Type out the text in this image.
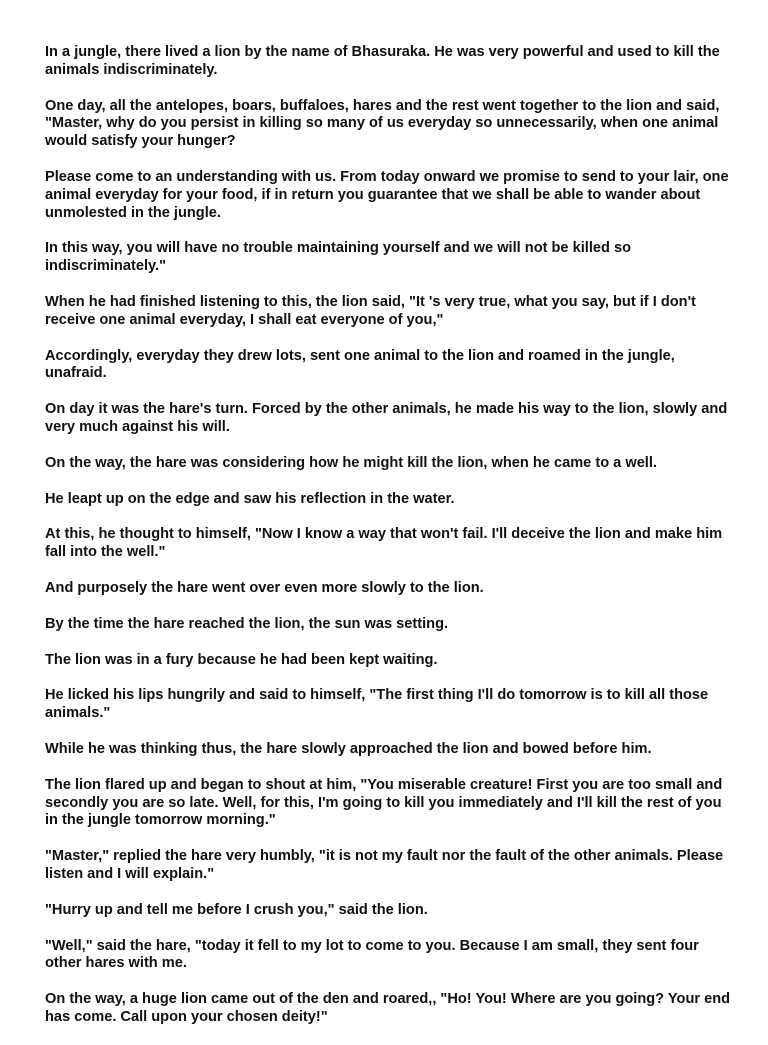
In a jungle, there lived a lion by the name of Bhasuraka. He was very powerful and used to kill the animals indiscriminately.

One day, all the antelopes, boars, buffaloes, hares and the rest went together to the lion and said, "Master, why do you persist in killing so many of us everyday so unnecessarily, when one animal would satisfy your hunger?

Please come to an understanding with us. From today onward we promise to send to your lair, one animal everyday for your food, if in return you guarantee that we shall be able to wander about unmolested in the jungle.

In this way, you will have no trouble maintaining yourself and we will not be killed so indiscriminately."

When he had finished listening to this, the lion said, "It 's very true, what you say, but if I don't receive one animal everyday, I shall eat everyone of you,"

Accordingly, everyday they drew lots, sent one animal to the lion and roamed in the jungle, unafraid.

On day it was the hare's turn. Forced by the other animals, he made his way to the lion, slowly and very much against his will.

On the way, the hare was considering how he might kill the lion, when he came to a well.

He leapt up on the edge and saw his reflection in the water.

At this, he thought to himself, "Now I know a way that won't fail. I'll deceive the lion and make him fall into the well."

And purposely the hare went over even more slowly to the lion.

By the time the hare reached the lion, the sun was setting.

The lion was in a fury because he had been kept waiting.

He licked his lips hungrily and said to himself, "The first thing I'll do tomorrow is to kill all those animals."

While he was thinking thus, the hare slowly approached the lion and bowed before him.

The lion flared up and began to shout at him, "You miserable creature! First you are too small and secondly you are so late. Well, for this, I'm going to kill you immediately and I'll kill the rest of you in the jungle tomorrow morning."

"Master," replied the hare very humbly, "it is not my fault nor the fault of the other animals. Please listen and I will explain."

"Hurry up and tell me before I crush you," said the lion.

"Well," said the hare, "today it fell to my lot to come to you. Because I am small, they sent four other hares with me.

On the way, a huge lion came out of the den and roared,, "Ho! You! Where are you going? Your end has come. Call upon your chosen deity!"
